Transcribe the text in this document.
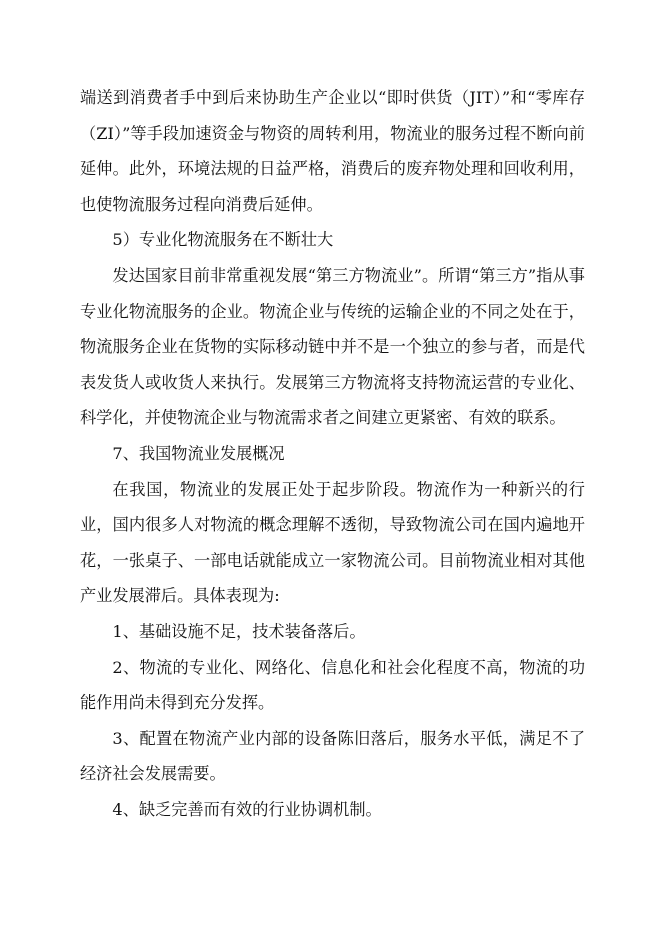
端送到消费者手中到后来协助生产企业以“即时供货（JIT）”和“零库存（ZI）”等手段加速资金与物资的周转利用，物流业的服务过程不断向前延伸。此外，环境法规的日益严格，消费后的废弃物处理和回收利用，也使物流服务过程向消费后延伸。

5）专业化物流服务在不断壮大

发达国家目前非常重视发展“第三方物流业”。所谓“第三方”指从事专业化物流服务的企业。物流企业与传统的运输企业的不同之处在于，物流服务企业在货物的实际移动链中并不是一个独立的参与者，而是代表发货人或收货人来执行。发展第三方物流将支持物流运营的专业化、科学化，并使物流企业与物流需求者之间建立更紧密、有效的联系。

7、我国物流业发展概况

在我国，物流业的发展正处于起步阶段。物流作为一种新兴的行业，国内很多人对物流的概念理解不透彻，导致物流公司在国内遍地开花，一张桌子、一部电话就能成立一家物流公司。目前物流业相对其他产业发展滞后。具体表现为:

1、基础设施不足，技术装备落后。

2、物流的专业化、网络化、信息化和社会化程度不高，物流的功能作用尚未得到充分发挥。

3、配置在物流产业内部的设备陈旧落后，服务水平低，满足不了经济社会发展需要。

4、缺乏完善而有效的行业协调机制。
